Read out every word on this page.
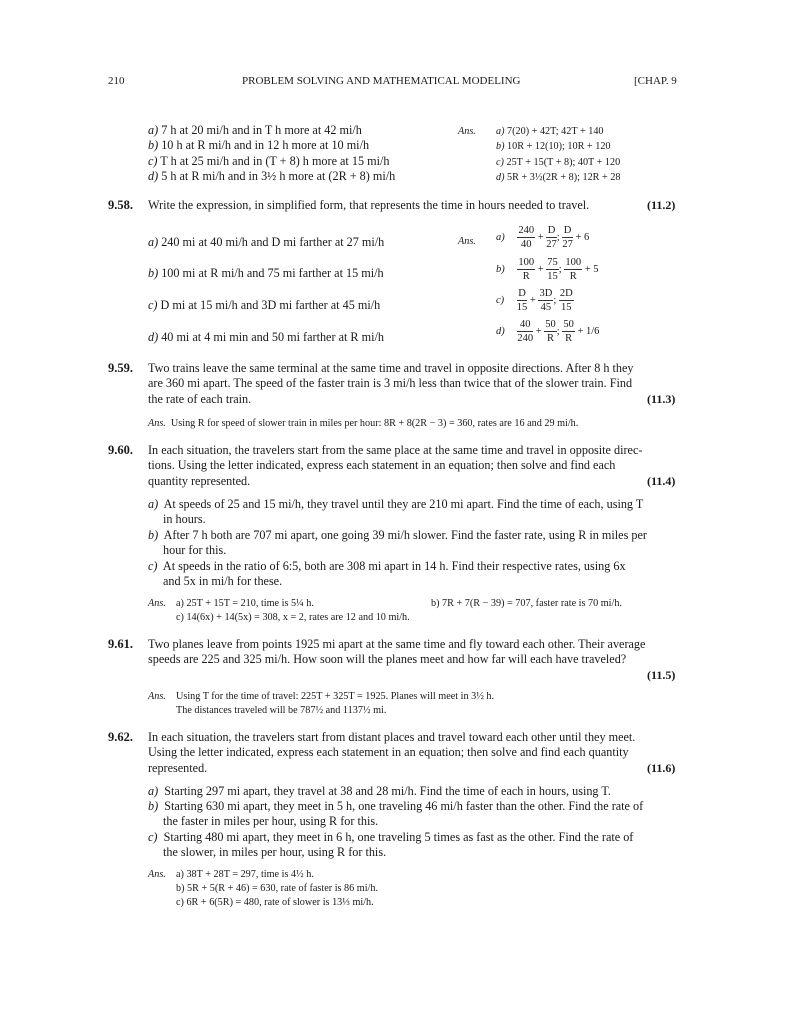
210	PROBLEM SOLVING AND MATHEMATICAL MODELING	[CHAP. 9
a) 7 h at 20 mi/h and in T h more at 42 mi/h
b) 10 h at R mi/h and in 12 h more at 10 mi/h
c) T h at 25 mi/h and in (T + 8) h more at 15 mi/h
d) 5 h at R mi/h and in 3½ h more at (2R + 8) mi/h
Ans. a) 7(20) + 42T; 42T + 140
b) 10R + 12(10); 10R + 120
c) 25T + 15(T + 8); 40T + 120
d) 5R + 3½(2R + 8); 12R + 28
9.58. Write the expression, in simplified form, that represents the time in hours needed to travel.	(11.2)
a) 240 mi at 40 mi/h and D mi farther at 27 mi/h
b) 100 mi at R mi/h and 75 mi farther at 15 mi/h
c) D mi at 15 mi/h and 3D mi farther at 45 mi/h
d) 40 mi at 4 mi min and 50 mi farther at R mi/h
Ans. $a) \frac{240}{40} + \frac{D}{27}$ ; $\frac{D}{27} + 6$
$b) \frac{100}{R} + \frac{75}{15}$ ; $\frac{100}{R} + 5$
$c) \frac{D}{15} + \frac{3D}{45}$ ; $\frac{2D}{15}$
$d) \frac{40}{240} + \frac{50}{R}$ ; $\frac{50}{R} + 1/6$
9.59. Two trains leave the same terminal at the same time and travel in opposite directions. After 8 h they
are 360 mi apart. The speed of the faster train is 3 mi/h less than twice that of the slower train. Find
the rate of each train.	(11.3)
Ans. Using R for speed of slower train in miles per hour: 8R + 8(2R − 3) = 360, rates are 16 and 29 mi/h.
9.60. In each situation, the travelers start from the same place at the same time and travel in opposite direc-
tions. Using the letter indicated, express each statement in an equation; then solve and find each
quantity represented.	(11.4)
a) At speeds of 25 and 15 mi/h, they travel until they are 210 mi apart. Find the time of each, using T
in hours.
b) After 7 h both are 707 mi apart, one going 39 mi/h slower. Find the faster rate, using R in miles per
hour for this.
c) At speeds in the ratio of 6:5, both are 308 mi apart in 14 h. Find their respective rates, using 6x
and 5x in mi/h for these.
Ans. a) 25T + 15T = 210, time is 5¼ h.	b) 7R + 7(R − 39) = 707, faster rate is 70 mi/h.
c) 14(6x) + 14(5x) = 308, x = 2, rates are 12 and 10 mi/h.
9.61. Two planes leave from points 1925 mi apart at the same time and fly toward each other. Their average
speeds are 225 and 325 mi/h. How soon will the planes meet and how far will each have traveled?
(11.5)
Ans. Using T for the time of travel: 225T + 325T = 1925. Planes will meet in 3½ h.
The distances traveled will be 787½ and 1137½ mi.
9.62. In each situation, the travelers start from distant places and travel toward each other until they meet.
Using the letter indicated, express each statement in an equation; then solve and find each quantity
represented.	(11.6)
a) Starting 297 mi apart, they travel at 38 and 28 mi/h. Find the time of each in hours, using T.
b) Starting 630 mi apart, they meet in 5 h, one traveling 46 mi/h faster than the other. Find the rate of
the faster in miles per hour, using R for this.
c) Starting 480 mi apart, they meet in 6 h, one traveling 5 times as fast as the other. Find the rate of
the slower, in miles per hour, using R for this.
Ans. a) 38T + 28T = 297, time is 4½ h.
b) 5R + 5(R + 46) = 630, rate of faster is 86 mi/h.
c) 6R + 6(5R) = 480, rate of slower is 13⅓ mi/h.
